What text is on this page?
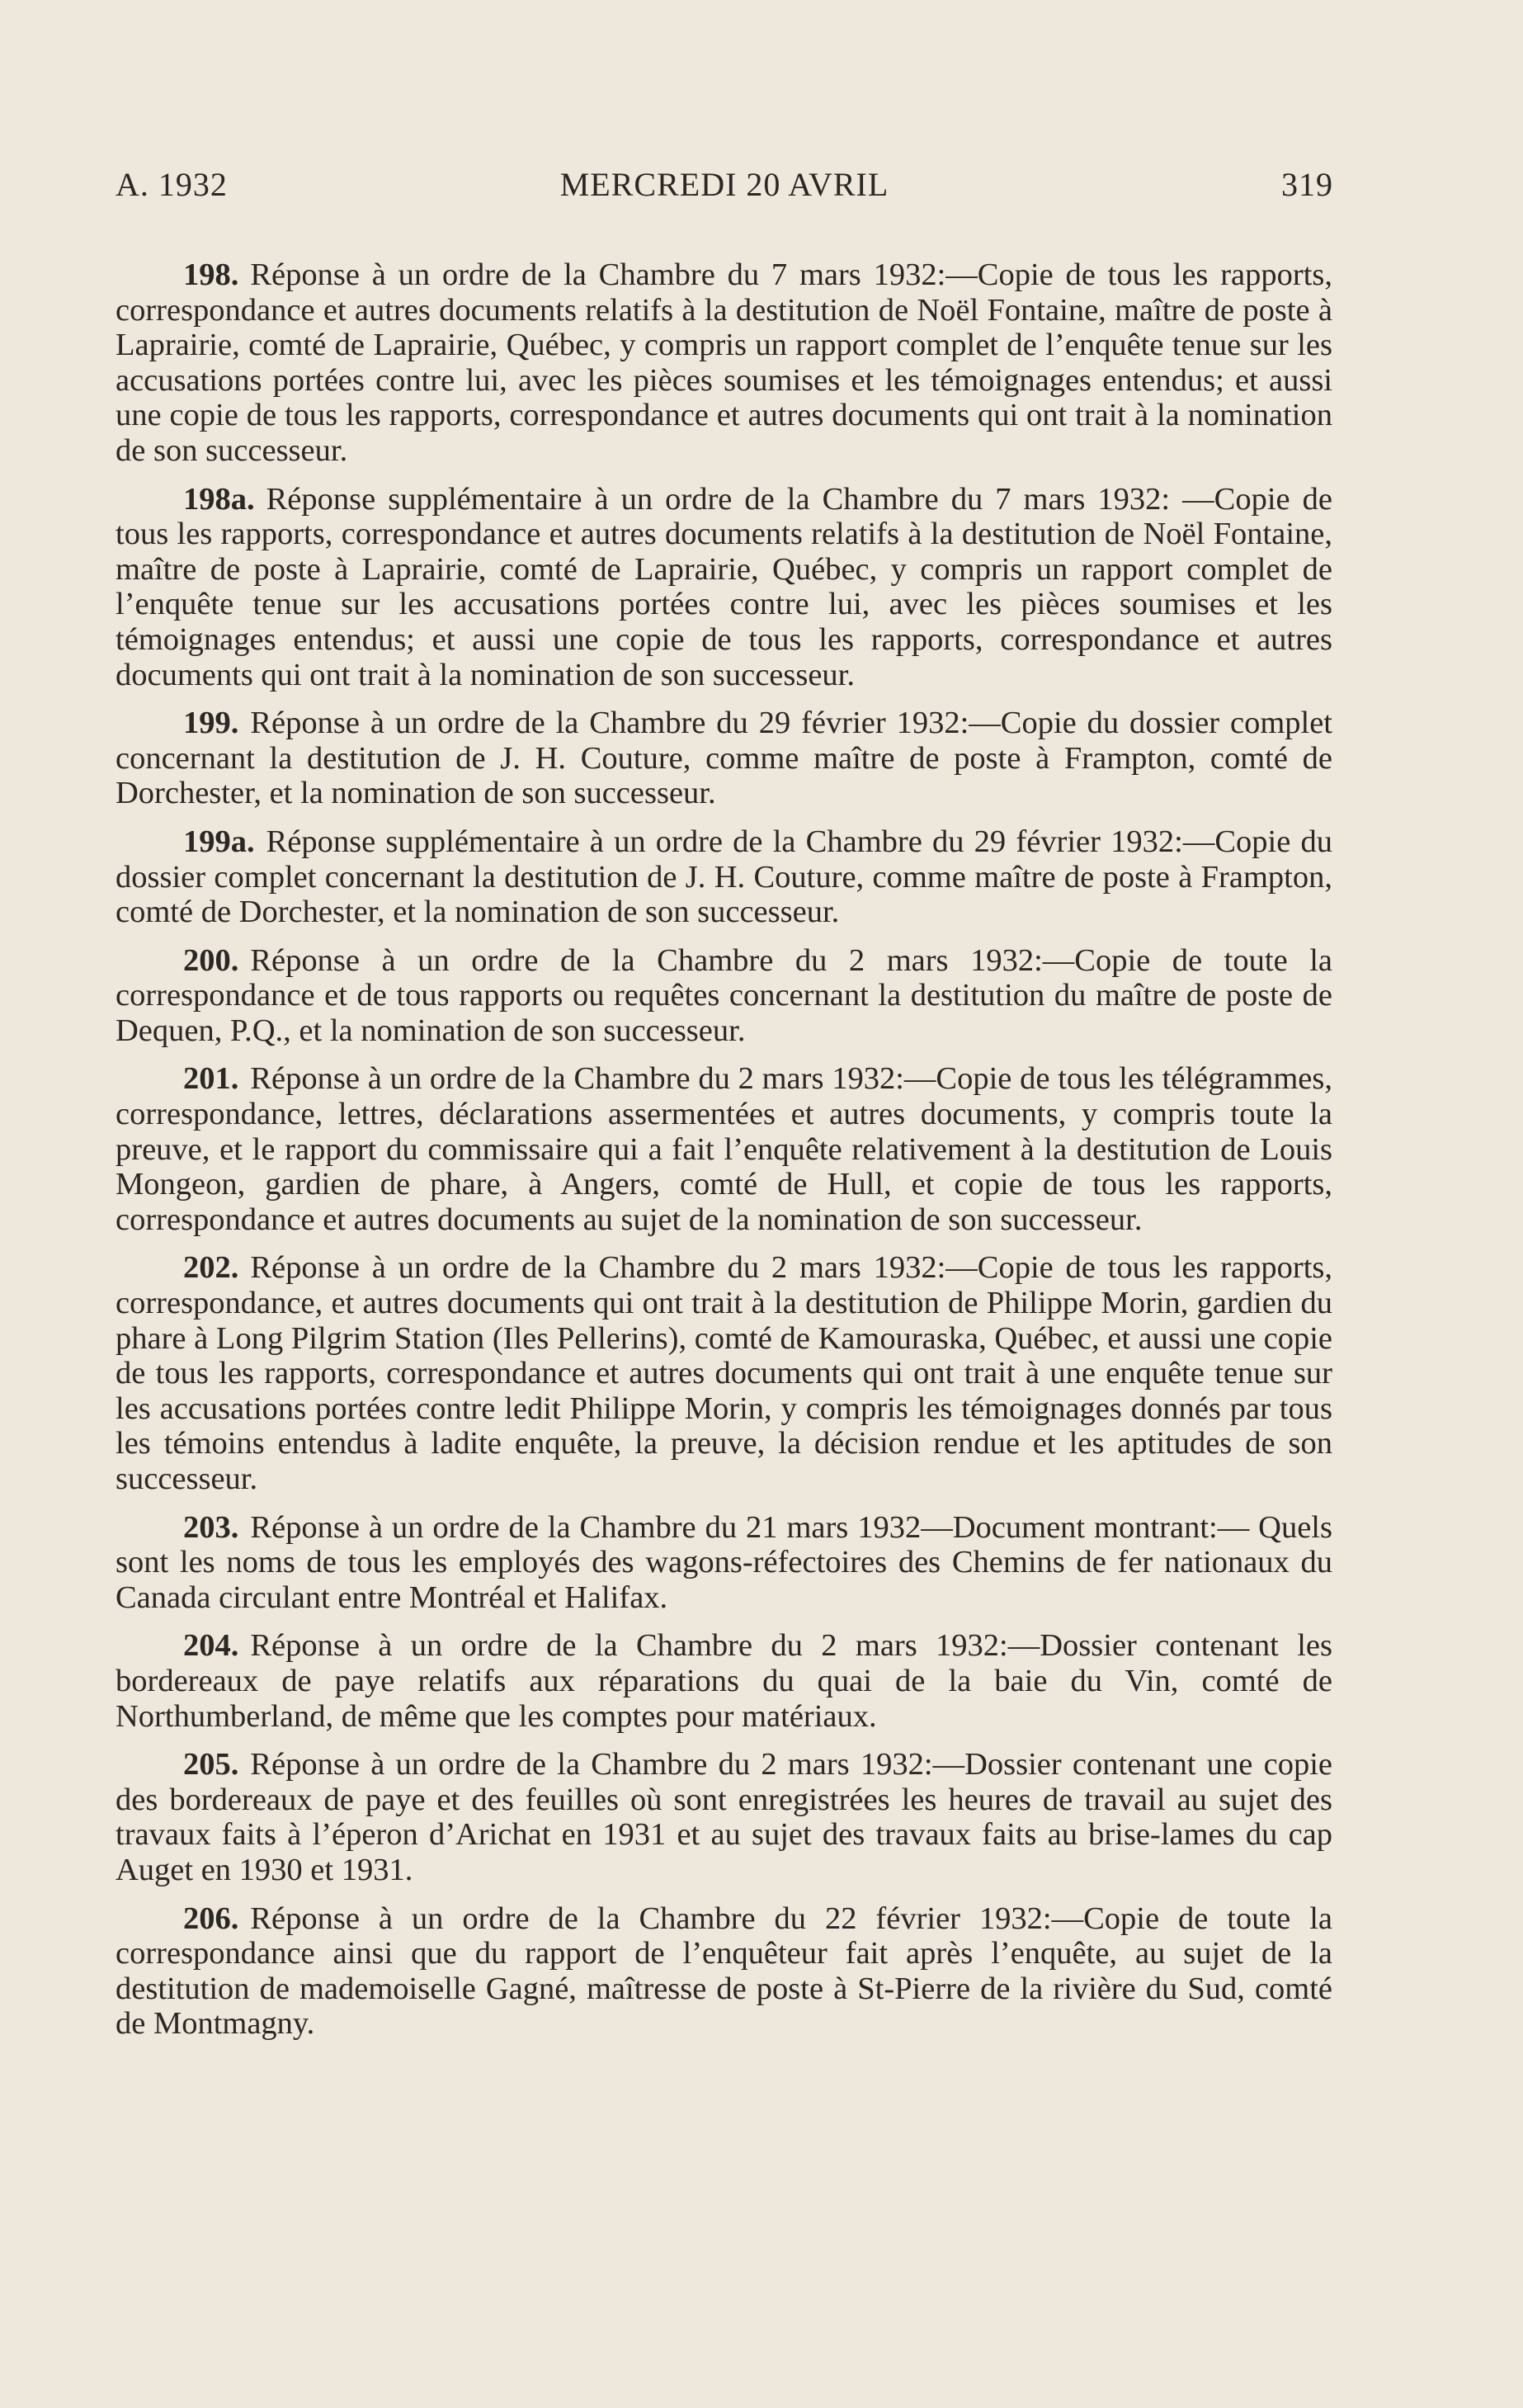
A. 1932	MERCREDI 20 AVRIL	319

198. Réponse à un ordre de la Chambre du 7 mars 1932:—Copie de tous les rapports, correspondance et autres documents relatifs à la destitution de Noël Fontaine, maître de poste à Laprairie, comté de Laprairie, Québec, y compris un rapport complet de l’enquête tenue sur les accusations portées contre lui, avec les pièces soumises et les témoignages entendus; et aussi une copie de tous les rapports, correspondance et autres documents qui ont trait à la nomination de son successeur.

198a. Réponse supplémentaire à un ordre de la Chambre du 7 mars 1932: —Copie de tous les rapports, correspondance et autres documents relatifs à la destitution de Noël Fontaine, maître de poste à Laprairie, comté de Laprairie, Québec, y compris un rapport complet de l’enquête tenue sur les accusations portées contre lui, avec les pièces soumises et les témoignages entendus; et aussi une copie de tous les rapports, correspondance et autres documents qui ont trait à la nomination de son successeur.

199. Réponse à un ordre de la Chambre du 29 février 1932:—Copie du dossier complet concernant la destitution de J. H. Couture, comme maître de poste à Frampton, comté de Dorchester, et la nomination de son successeur.

199a. Réponse supplémentaire à un ordre de la Chambre du 29 février 1932:—Copie du dossier complet concernant la destitution de J. H. Couture, comme maître de poste à Frampton, comté de Dorchester, et la nomination de son successeur.

200. Réponse à un ordre de la Chambre du 2 mars 1932:—Copie de toute la correspondance et de tous rapports ou requêtes concernant la destitution du maître de poste de Dequen, P.Q., et la nomination de son successeur.

201. Réponse à un ordre de la Chambre du 2 mars 1932:—Copie de tous les télégrammes, correspondance, lettres, déclarations assermentées et autres documents, y compris toute la preuve, et le rapport du commissaire qui a fait l’enquête relativement à la destitution de Louis Mongeon, gardien de phare, à Angers, comté de Hull, et copie de tous les rapports, correspondance et autres documents au sujet de la nomination de son successeur.

202. Réponse à un ordre de la Chambre du 2 mars 1932:—Copie de tous les rapports, correspondance, et autres documents qui ont trait à la destitution de Philippe Morin, gardien du phare à Long Pilgrim Station (Iles Pellerins), comté de Kamouraska, Québec, et aussi une copie de tous les rapports, correspondance et autres documents qui ont trait à une enquête tenue sur les accusations portées contre ledit Philippe Morin, y compris les témoignages donnés par tous les témoins entendus à ladite enquête, la preuve, la décision rendue et les aptitudes de son successeur.

203. Réponse à un ordre de la Chambre du 21 mars 1932—Document montrant:— Quels sont les noms de tous les employés des wagons-réfectoires des Chemins de fer nationaux du Canada circulant entre Montréal et Halifax.

204. Réponse à un ordre de la Chambre du 2 mars 1932:—Dossier contenant les bordereaux de paye relatifs aux réparations du quai de la baie du Vin, comté de Northumberland, de même que les comptes pour matériaux.

205. Réponse à un ordre de la Chambre du 2 mars 1932:—Dossier contenant une copie des bordereaux de paye et des feuilles où sont enregistrées les heures de travail au sujet des travaux faits à l’éperon d’Arichat en 1931 et au sujet des travaux faits au brise-lames du cap Auget en 1930 et 1931.

206. Réponse à un ordre de la Chambre du 22 février 1932:—Copie de toute la correspondance ainsi que du rapport de l’enquêteur fait après l’enquête, au sujet de la destitution de mademoiselle Gagné, maîtresse de poste à St-Pierre de la rivière du Sud, comté de Montmagny.
